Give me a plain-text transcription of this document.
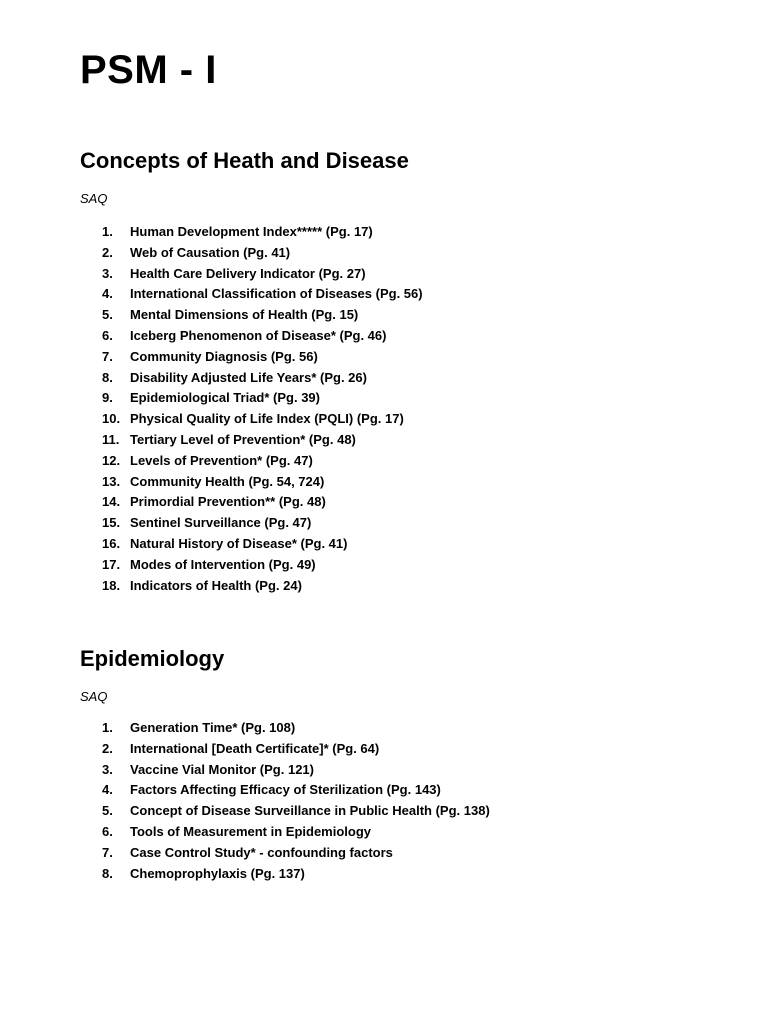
PSM - I
Concepts of Heath and Disease
SAQ
1.	Human Development Index***** (Pg. 17)
2.	Web of Causation (Pg. 41)
3.	Health Care Delivery Indicator (Pg. 27)
4.	International Classification of Diseases (Pg. 56)
5.	Mental Dimensions of Health (Pg. 15)
6.	Iceberg Phenomenon of Disease* (Pg. 46)
7.	Community Diagnosis (Pg. 56)
8.	Disability Adjusted Life Years* (Pg. 26)
9.	Epidemiological Triad* (Pg. 39)
10. Physical Quality of Life Index (PQLI) (Pg. 17)
11. Tertiary Level of Prevention* (Pg. 48)
12. Levels of Prevention* (Pg. 47)
13. Community Health (Pg. 54, 724)
14. Primordial Prevention** (Pg. 48)
15. Sentinel Surveillance (Pg. 47)
16. Natural History of Disease* (Pg. 41)
17. Modes of Intervention (Pg. 49)
18. Indicators of Health (Pg. 24)
Epidemiology
SAQ
1.	Generation Time* (Pg. 108)
2.	International [Death Certificate]* (Pg. 64)
3.	Vaccine Vial Monitor (Pg. 121)
4.	Factors Affecting Efficacy of Sterilization (Pg. 143)
5.	Concept of Disease Surveillance in Public Health (Pg. 138)
6.	Tools of Measurement in Epidemiology
7.	Case Control Study* - confounding factors
8.	Chemoprophylaxis (Pg. 137)
